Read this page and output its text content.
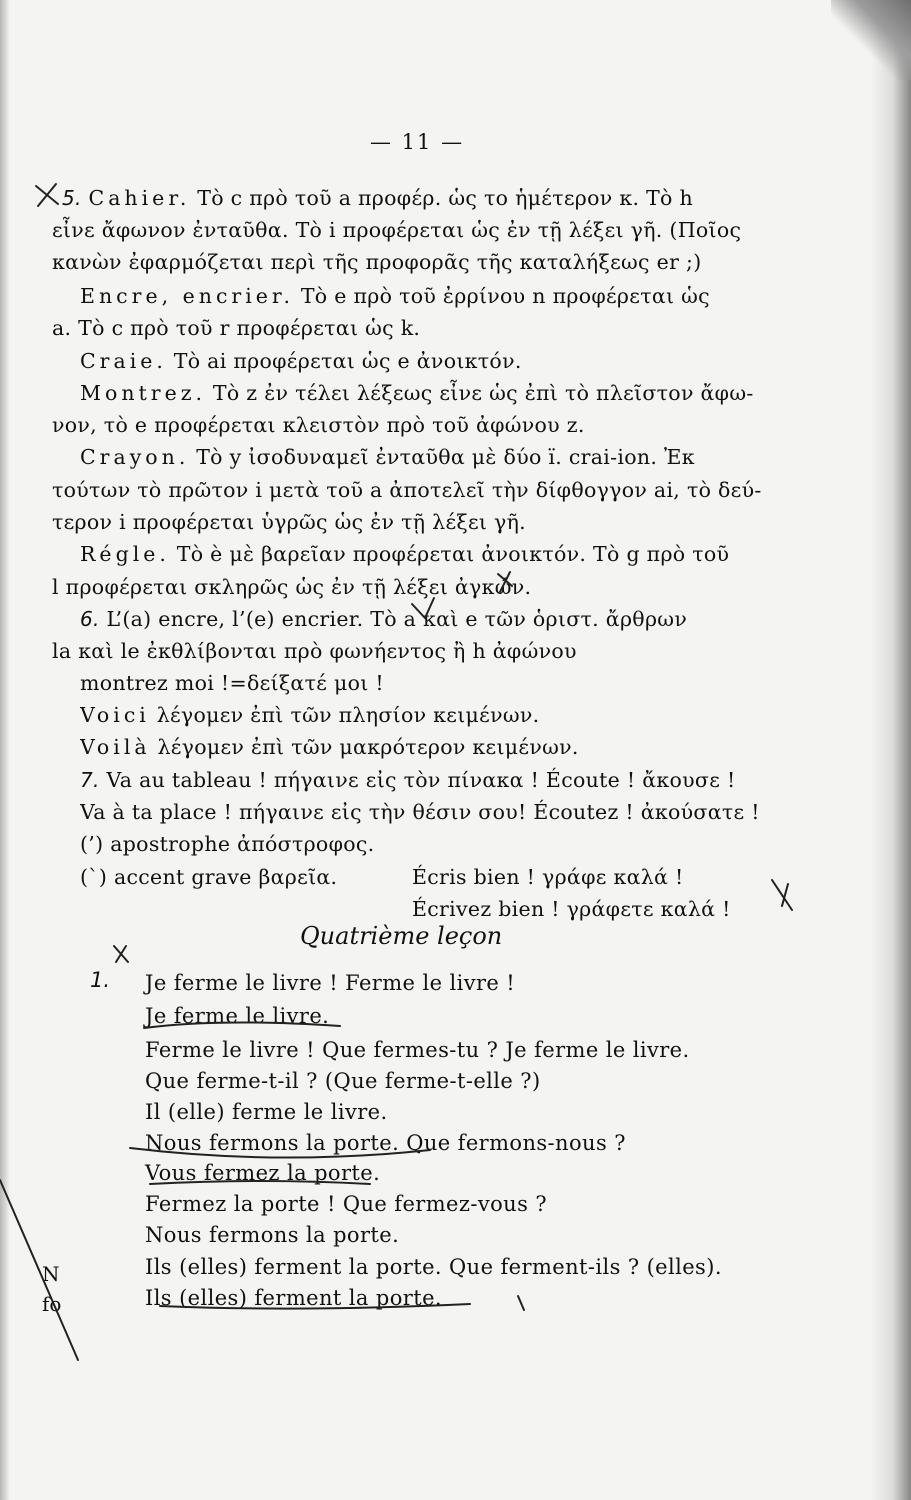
— 11 —
5. Cahier. Τὸ c πρὸ τοῦ a προφέρ. ὡς το ἡμέτερον κ. Τὸ h
εἶνε ἄφωνον ἐνταῦθα. Τὸ i προφέρεται ὡς ἐν τῇ λέξει γῆ. (Ποῖος
κανὼν ἐφαρμόζεται περὶ τῆς προφορᾶς τῆς καταλήξεως er ;)
Encre, encrier. Τὸ e πρὸ τοῦ ἐρρίνου n προφέρεται ὡς
a. Τὸ c πρὸ τοῦ r προφέρεται ὡς k.
Craie. Τὸ ai προφέρεται ὡς e ἀνοικτόν.
Montrez. Τὸ z ἐν τέλει λέξεως εἶνε ὡς ἐπὶ τὸ πλεῖστον ἄφω-
νον, τὸ e προφέρεται κλειστὸν πρὸ τοῦ ἀφώνου z.
Crayon. Τὸ y ἰσοδυναμεῖ ἐνταῦθα μὲ δύο ï. crai-ion. Ἐκ
τούτων τὸ πρῶτον i μετὰ τοῦ a ἀποτελεῖ τὴν δίφθογγον ai, τὸ δεύ-
τερον i προφέρεται ὑγρῶς ὡς ἐν τῇ λέξει γῆ.
Régle. Τὸ è μὲ βαρεῖαν προφέρεται ἀνοικτόν. Τὸ g πρὸ τοῦ
l προφέρεται σκληρῶς ὡς ἐν τῇ λέξει ἀγκών.
6. L’(a) encre, l’(e) encrier. Τὸ a καὶ e τῶν ὁριστ. ἄρθρων
la καὶ le ἐκθλίβονται πρὸ φωνήεντος ἢ h ἀφώνου
montrez moi !=δείξατέ μοι !
Voici λέγομεν ἐπὶ τῶν πλησίον κειμένων.
Voilà λέγομεν ἐπὶ τῶν μακρότερον κειμένων.
7. Va au tableau ! πήγαινε εἰς τὸν πίνακα ! Écoute ! ἄκουσε !
Va à ta place ! πήγαινε εἰς τὴν θέσιν σου! Écoutez ! ἀκούσατε !
(’) apostrophe ἀπόστροφος.
(`) accent grave βαρεῖα.	Écris bien ! γράφε καλά !
Écrivez bien ! γράφετε καλά !
Quatrième leçon
1. Je ferme le livre ! Ferme le livre !
Je ferme le livre.
Ferme le livre ! Que fermes-tu ? Je ferme le livre.
Que ferme-t-il ? (Que ferme-t-elle ?)
Il (elle) ferme le livre.
Nous fermons la porte. Que fermons-nous ?
Vous fermez la porte.
Fermez la porte ! Que fermez-vous ?
Nous fermons la porte.
Ils (elles) ferment la porte. Que ferment-ils ? (elles).
Ils (elles) ferment la porte.
N
fo
